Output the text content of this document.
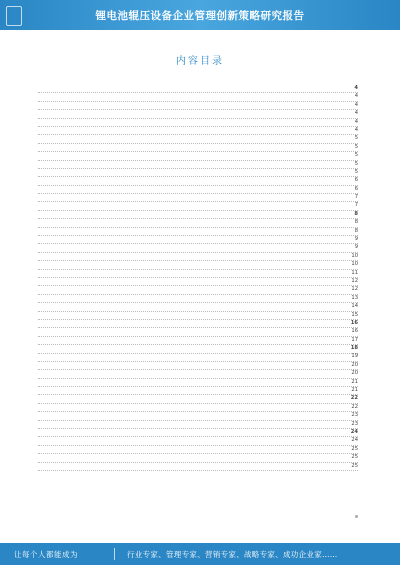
锂电池辊压设备企业管理创新策略研究报告
内容目录
4
4
4
4
4
4
5
5
5
5
5
6
6
7
7
8
8
8
9
9
10
10
11
12
12
13
14
15
16
16
17
18
19
20
20
21
21
22
22
23
23
24
24
25
25
25
让每个人都能成为	行业专家、管理专家、营销专家、战略专家、成功企业家……
